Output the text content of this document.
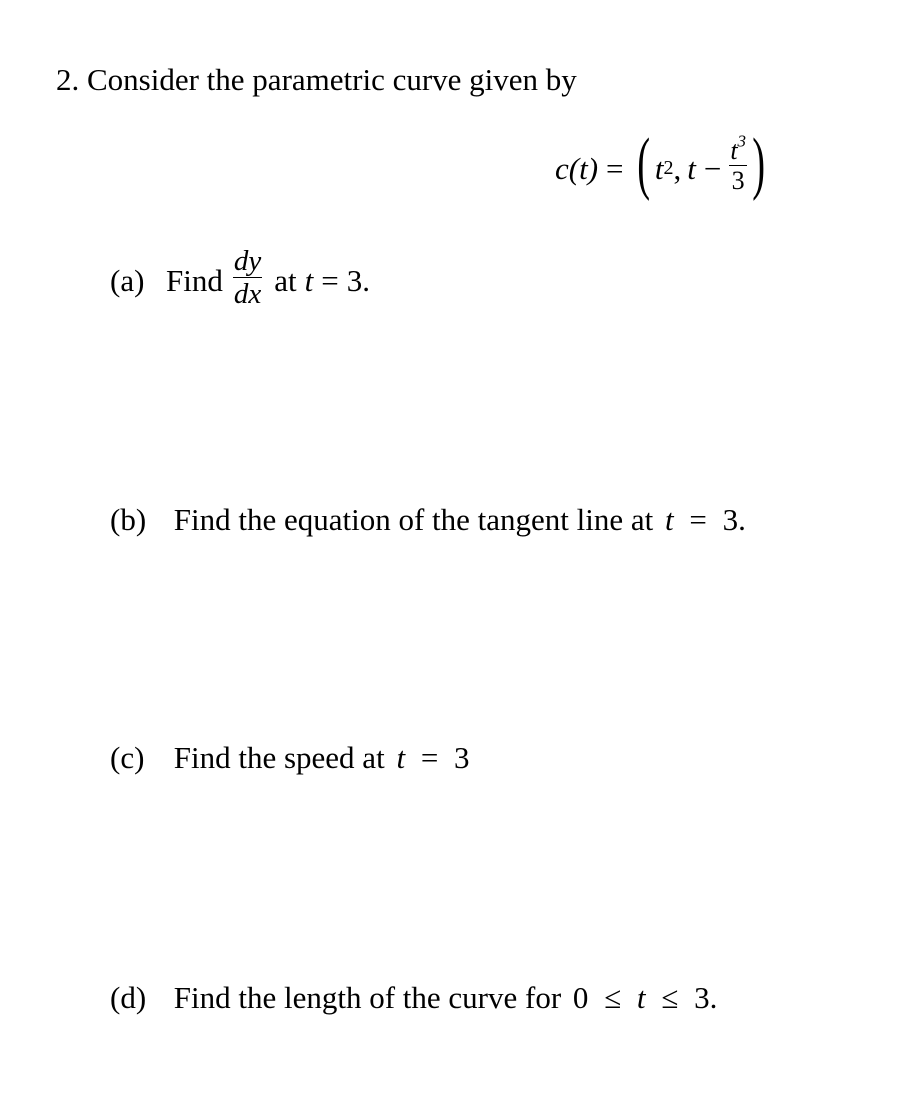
2. Consider the parametric curve given by
c(t) = ( t 2 , $t - \frac{t^3}{3}$ )
(a) Find $\frac{dy}{dx}$ at t = 3.
(b) Find the equation of the tangent line at t = 3.
(c) Find the speed at t = 3
(d) Find the length of the curve for 0 ≤ t ≤ 3.
